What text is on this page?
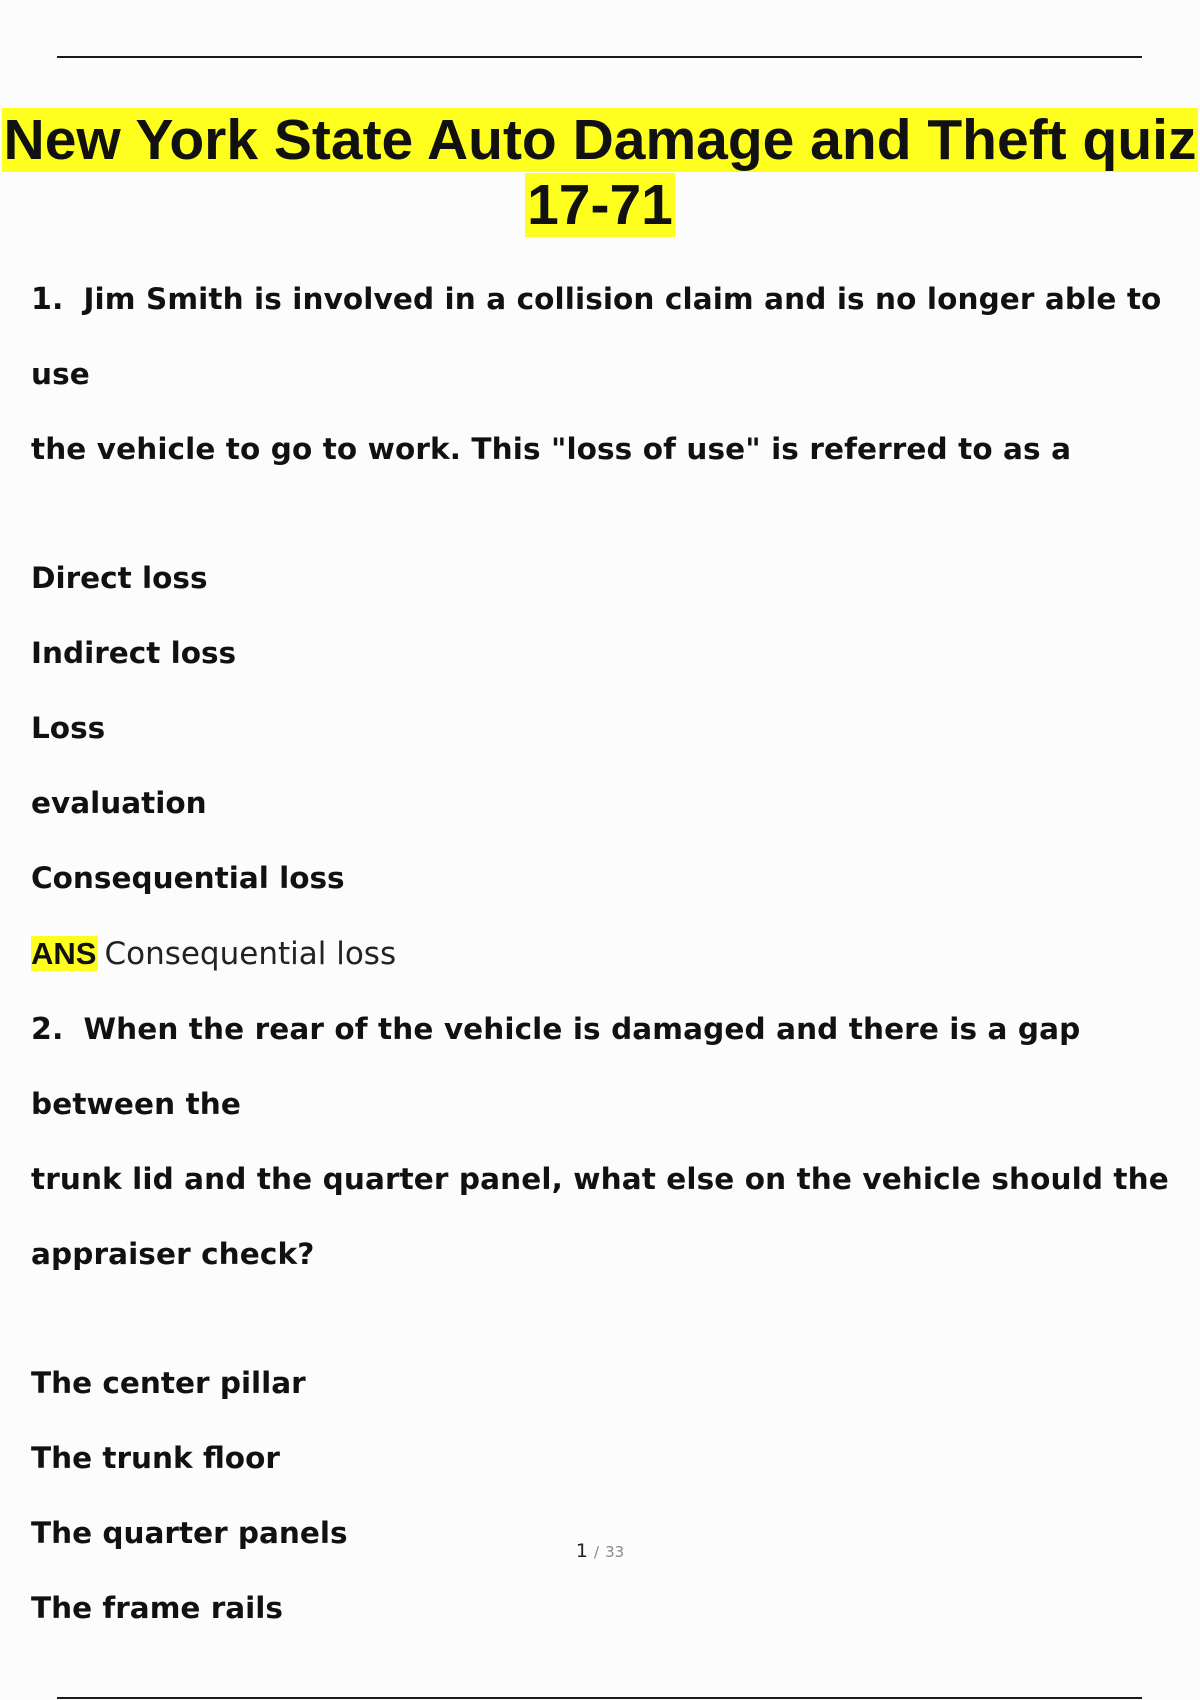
New York State Auto Damage and Theft quiz
17-71

1. Jim Smith is involved in a collision claim and is no longer able to use
the vehicle to go to work. This "loss of use" is referred to as a

Direct loss
Indirect loss
Loss
evaluation
Consequential loss

ANS Consequential loss

2. When the rear of the vehicle is damaged and there is a gap between the
trunk lid and the quarter panel, what else on the vehicle should the
appraiser check?

The center pillar
The trunk floor
The quarter panels
The frame rails
1 / 33
